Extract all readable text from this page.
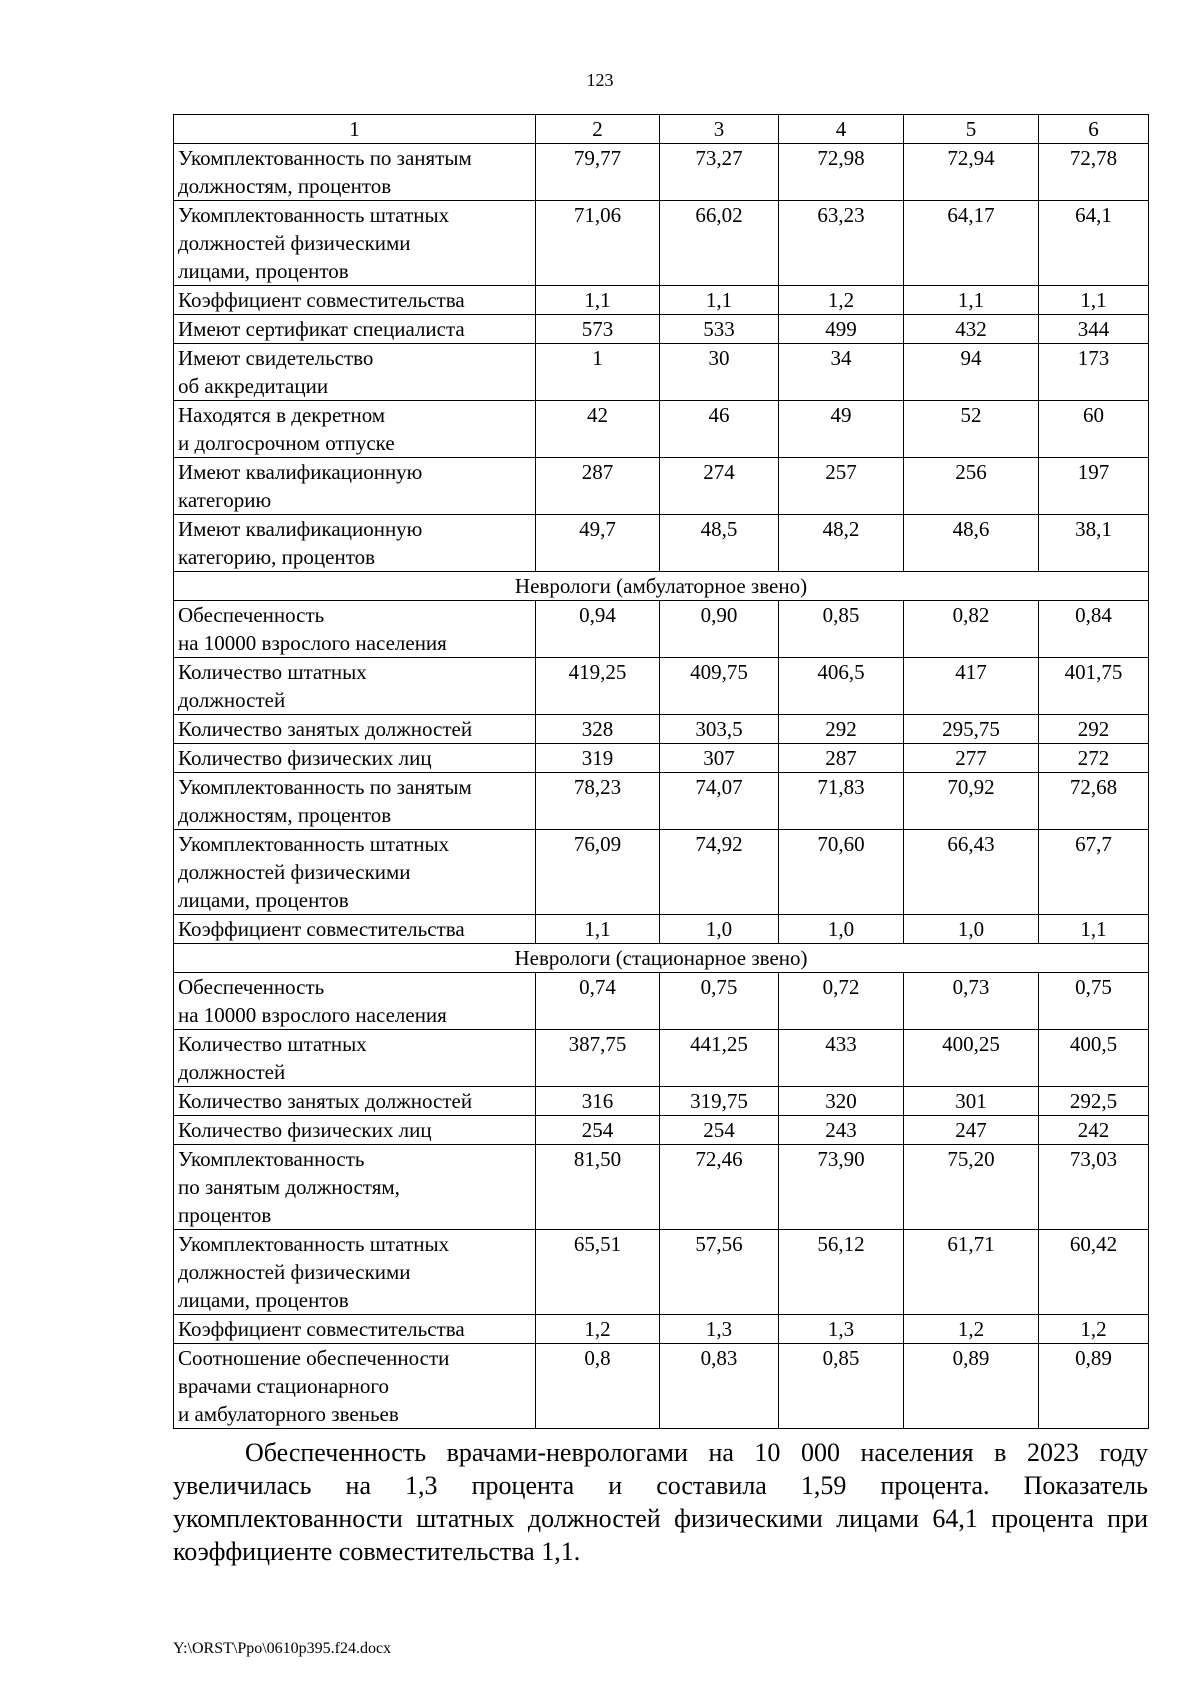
123
1	2	3	4	5	6

Укомплектованность по занятым
должностям, процентов	79,77	73,27	72,98	72,94	72,78

Укомплектованность штатных
должностей физическими
лицами, процентов	71,06	66,02	63,23	64,17	64,1

Коэффициент совместительства	1,1	1,1	1,2	1,1	1,1

Имеют сертификат специалиста	573	533	499	432	344

Имеют свидетельство
об аккредитации	1	30	34	94	173

Находятся в декретном
и долгосрочном отпуске	42	46	49	52	60

Имеют квалификационную
категорию	287	274	257	256	197

Имеют квалификационную
категорию, процентов	49,7	48,5	48,2	48,6	38,1
Неврологи (амбулаторное звено)					

Обеспеченность
на 10000 взрослого населения	0,94	0,90	0,85	0,82	0,84

Количество штатных
должностей	419,25	409,75	406,5	417	401,75

Количество занятых должностей	328	303,5	292	295,75	292

Количество физических лиц	319	307	287	277	272

Укомплектованность по занятым
должностям, процентов	78,23	74,07	71,83	70,92	72,68

Укомплектованность штатных
должностей физическими
лицами, процентов	76,09	74,92	70,60	66,43	67,7

Коэффициент совместительства	1,1	1,0	1,0	1,0	1,1
Неврологи (стационарное звено)					

Обеспеченность
на 10000 взрослого населения	0,74	0,75	0,72	0,73	0,75

Количество штатных
должностей	387,75	441,25	433	400,25	400,5

Количество занятых должностей	316	319,75	320	301	292,5

Количество физических лиц	254	254	243	247	242

Укомплектованность
по занятым должностям,
процентов	81,50	72,46	73,90	75,20	73,03

Укомплектованность штатных
должностей физическими
лицами, процентов	65,51	57,56	56,12	61,71	60,42

Коэффициент совместительства	1,2	1,3	1,3	1,2	1,2

Соотношение обеспеченности
врачами стационарного
и амбулаторного звеньев	0,8	0,83	0,85	0,89	0,89
Обеспеченность врачами-неврологами на 10 000 населения в 2023 году увеличилась на 1,3 процента и составила 1,59 процента. Показатель укомплектованности штатных должностей физическими лицами 64,1 процента при коэффициенте совместительства 1,1.
Y:\ORST\Ppo\0610p395.f24.docx
